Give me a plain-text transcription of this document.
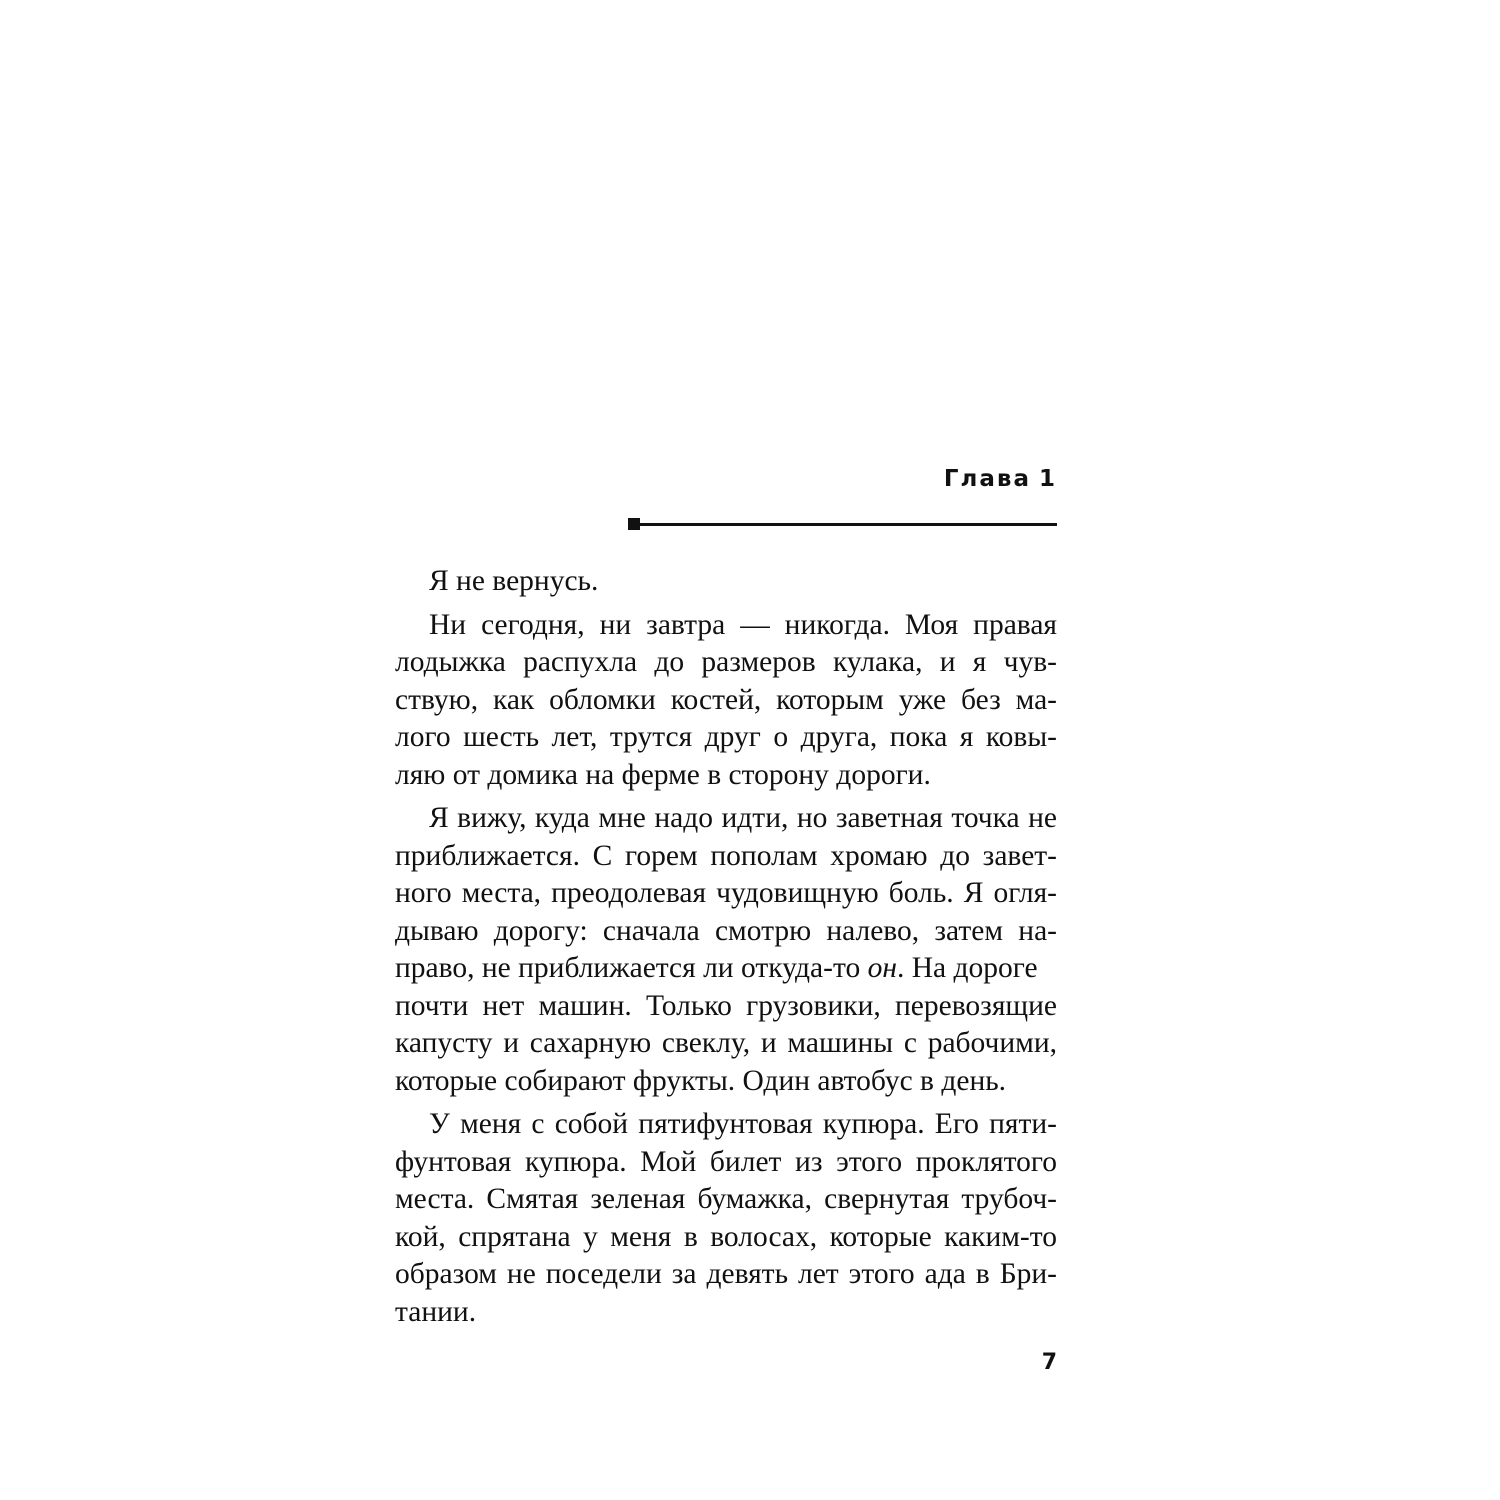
Глава 1
Я не вернусь.
Ни сегодня, ни завтра — никогда. Моя правая
лодыжка распухла до размеров кулака, и я чув-
ствую, как обломки костей, которым уже без ма-
лого шесть лет, трутся друг о друга, пока я ковы-
ляю от домика на ферме в сторону дороги.
Я вижу, куда мне надо идти, но заветная точка не
приближается. С горем пополам хромаю до завет-
ного места, преодолевая чудовищную боль. Я огля-
дываю дорогу: сначала смотрю налево, затем на-
право, не приближается ли откуда-то он. На дороге
почти нет машин. Только грузовики, перевозящие
капусту и сахарную свеклу, и машины с рабочими,
которые собирают фрукты. Один автобус в день.
У меня с собой пятифунтовая купюра. Его пяти-
фунтовая купюра. Мой билет из этого проклятого
места. Смятая зеленая бумажка, свернутая трубоч-
кой, спрятана у меня в волосах, которые каким-то
образом не поседели за девять лет этого ада в Бри-
тании.
7
